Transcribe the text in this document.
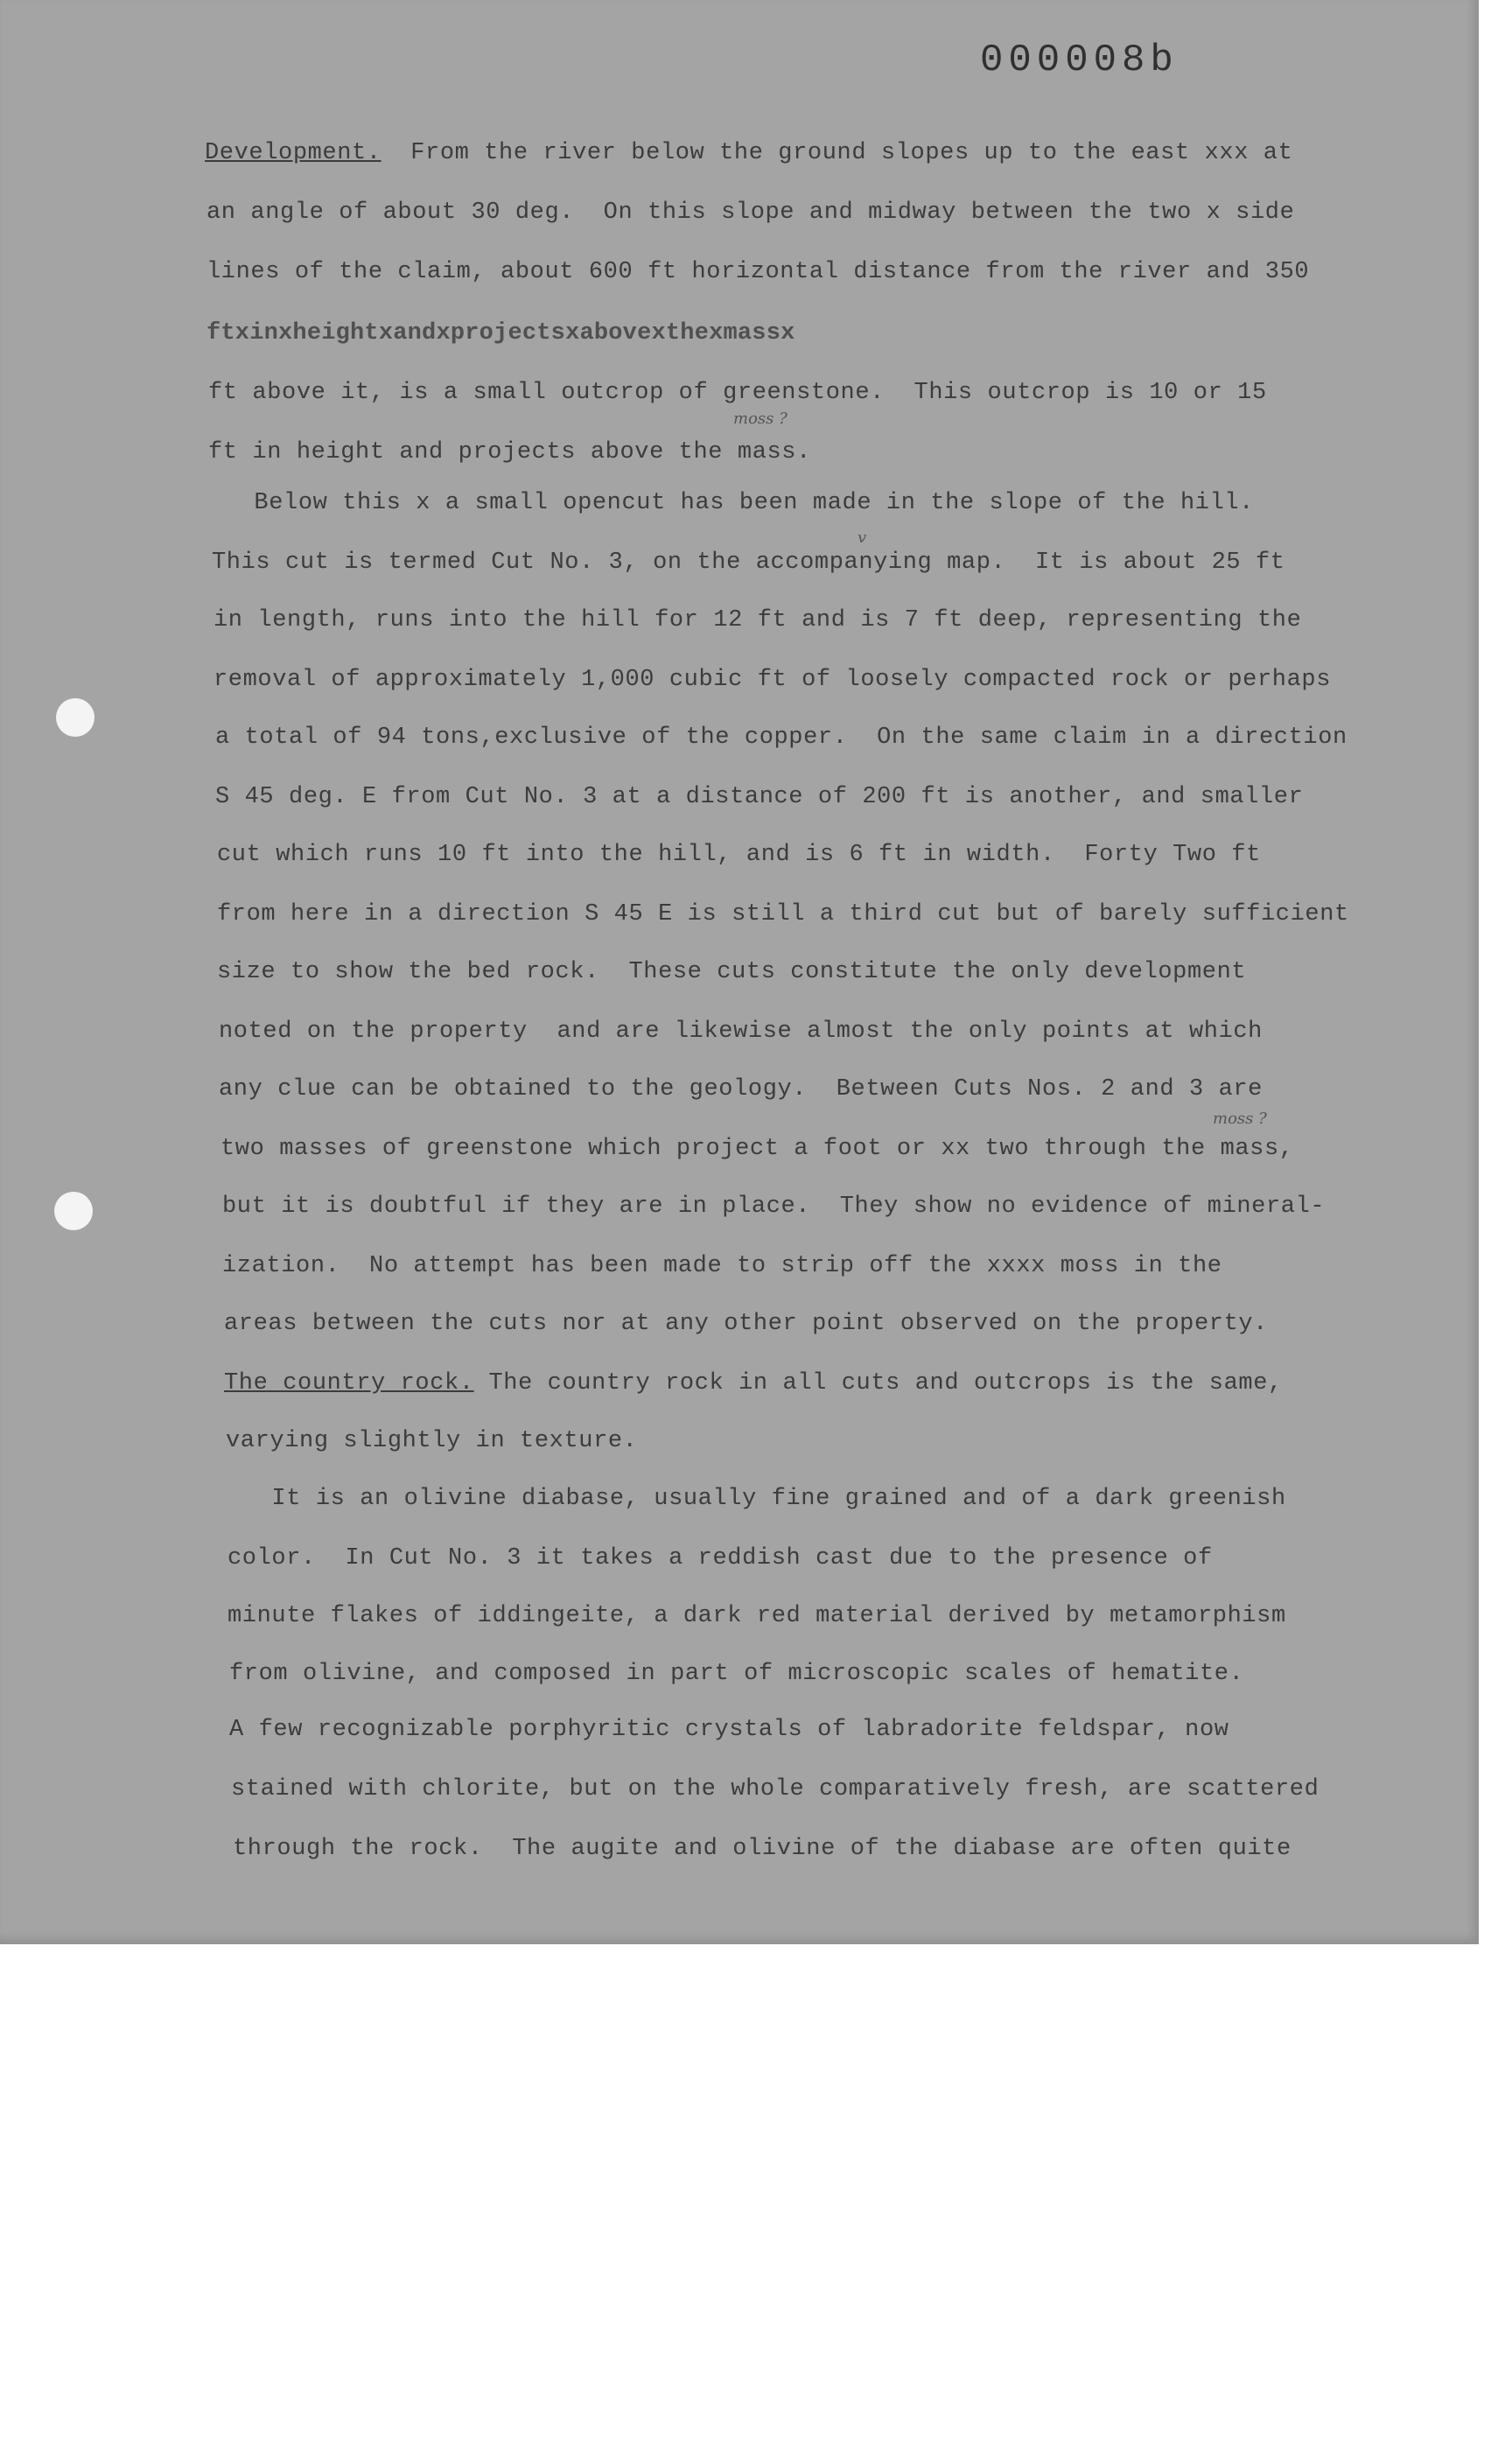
000008b
Development.  From the river below the ground slopes up to the east xxx at
an angle of about 30 deg.  On this slope and midway between the two x side
lines of the claim, about 600 ft horizontal distance from the river and 350
ftxinxheightxandxprojectsxabovexthexmassx
ft above it, is a small outcrop of greenstone.  This outcrop is 10 or 15
ft in height and projects above the mass.
Below this x a small opencut has been made in the slope of the hill.
This cut is termed Cut No. 3, on the accompanying map.  It is about 25 ft
in length, runs into the hill for 12 ft and is 7 ft deep, representing the
removal of approximately 1,000 cubic ft of loosely compacted rock or perhaps
a total of 94 tons,exclusive of the copper.  On the same claim in a direction
S 45 deg. E from Cut No. 3 at a distance of 200 ft is another, and smaller
cut which runs 10 ft into the hill, and is 6 ft in width.  Forty Two ft
from here in a direction S 45 E is still a third cut but of barely sufficient
size to show the bed rock.  These cuts constitute the only development
noted on the property  and are likewise almost the only points at which
any clue can be obtained to the geology.  Between Cuts Nos. 2 and 3 are
two masses of greenstone which project a foot or xx two through the mass,
but it is doubtful if they are in place.  They show no evidence of mineral-
ization.  No attempt has been made to strip off the xxxx moss in the
areas between the cuts nor at any other point observed on the property.
The country rock. The country rock in all cuts and outcrops is the same,
varying slightly in texture.
It is an olivine diabase, usually fine grained and of a dark greenish
color.  In Cut No. 3 it takes a reddish cast due to the presence of
minute flakes of iddingeite, a dark red material derived by metamorphism
from olivine, and composed in part of microscopic scales of hematite.
A few recognizable porphyritic crystals of labradorite feldspar, now
stained with chlorite, but on the whole comparatively fresh, are scattered
through the rock.  The augite and olivine of the diabase are often quite
moss ?
v
moss ?
